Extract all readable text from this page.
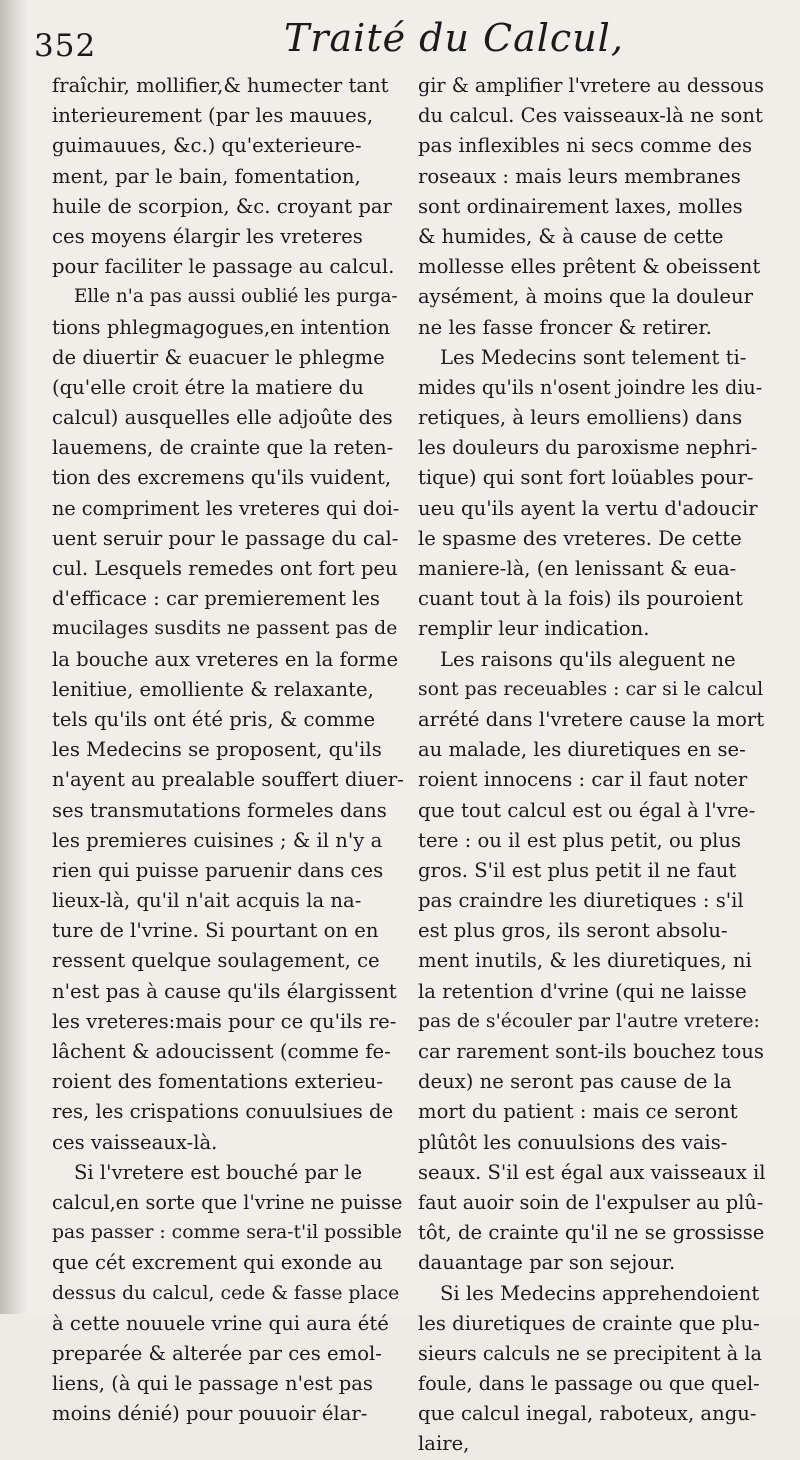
352	Traité du Calcul,
fraîchir, mollifier,& humecter tant
interieurement (par les mauues,
guimauues, &c.) qu'exterieure-
ment, par le bain, fomentation,
huile de scorpion, &c. croyant par
ces moyens élargir les vreteres
pour faciliter le passage au calcul.
Elle n'a pas aussi oublié les purga-
tions phlegmagogues,en intention
de diuertir & euacuer le phlegme
(qu'elle croit étre la matiere du
calcul) ausquelles elle adjoûte des
lauemens, de crainte que la reten-
tion des excremens qu'ils vuident,
ne compriment les vreteres qui doi-
uent seruir pour le passage du cal-
cul. Lesquels remedes ont fort peu
d'efficace : car premierement les
mucilages susdits ne passent pas de
la bouche aux vreteres en la forme
lenitiue, emolliente & relaxante,
tels qu'ils ont été pris, & comme
les Medecins se proposent, qu'ils
n'ayent au prealable souffert diuer-
ses transmutations formeles dans
les premieres cuisines ; & il n'y a
rien qui puisse paruenir dans ces
lieux-là, qu'il n'ait acquis la na-
ture de l'vrine. Si pourtant on en
ressent quelque soulagement, ce
n'est pas à cause qu'ils élargissent
les vreteres:mais pour ce qu'ils re-
lâchent & adoucissent (comme fe-
roient des fomentations exterieu-
res, les crispations conuulsiues de
ces vaisseaux-là.
Si l'vretere est bouché par le
calcul,en sorte que l'vrine ne puisse
pas passer : comme sera-t'il possible
que cét excrement qui exonde au
dessus du calcul, cede & fasse place
à cette nouuele vrine qui aura été
preparée & alterée par ces emol-
liens, (à qui le passage n'est pas
moins dénié) pour pouuoir élar-
gir & amplifier l'vretere au dessous
du calcul. Ces vaisseaux-là ne sont
pas inflexibles ni secs comme des
roseaux : mais leurs membranes
sont ordinairement laxes, molles
& humides, & à cause de cette
mollesse elles prêtent & obeissent
aysément, à moins que la douleur
ne les fasse froncer & retirer.
Les Medecins sont telement ti-
mides qu'ils n'osent joindre les diu-
retiques, à leurs emolliens) dans
les douleurs du paroxisme nephri-
tique) qui sont fort loüables pour-
ueu qu'ils ayent la vertu d'adoucir
le spasme des vreteres. De cette
maniere-là, (en lenissant & eua-
cuant tout à la fois) ils pouroient
remplir leur indication.
Les raisons qu'ils aleguent ne
sont pas receuables : car si le calcul
arrété dans l'vretere cause la mort
au malade, les diuretiques en se-
roient innocens : car il faut noter
que tout calcul est ou égal à l'vre-
tere : ou il est plus petit, ou plus
gros. S'il est plus petit il ne faut
pas craindre les diuretiques : s'il
est plus gros, ils seront absolu-
ment inutils, & les diuretiques, ni
la retention d'vrine (qui ne laisse
pas de s'écouler par l'autre vretere:
car rarement sont-ils bouchez tous
deux) ne seront pas cause de la
mort du patient : mais ce seront
plûtôt les conuulsions des vais-
seaux. S'il est égal aux vaisseaux il
faut auoir soin de l'expulser au plû-
tôt, de crainte qu'il ne se grossisse
dauantage par son sejour.
Si les Medecins apprehendoient
les diuretiques de crainte que plu-
sieurs calculs ne se precipitent à la
foule, dans le passage ou que quel-
que calcul inegal, raboteux, angu-
laire,
